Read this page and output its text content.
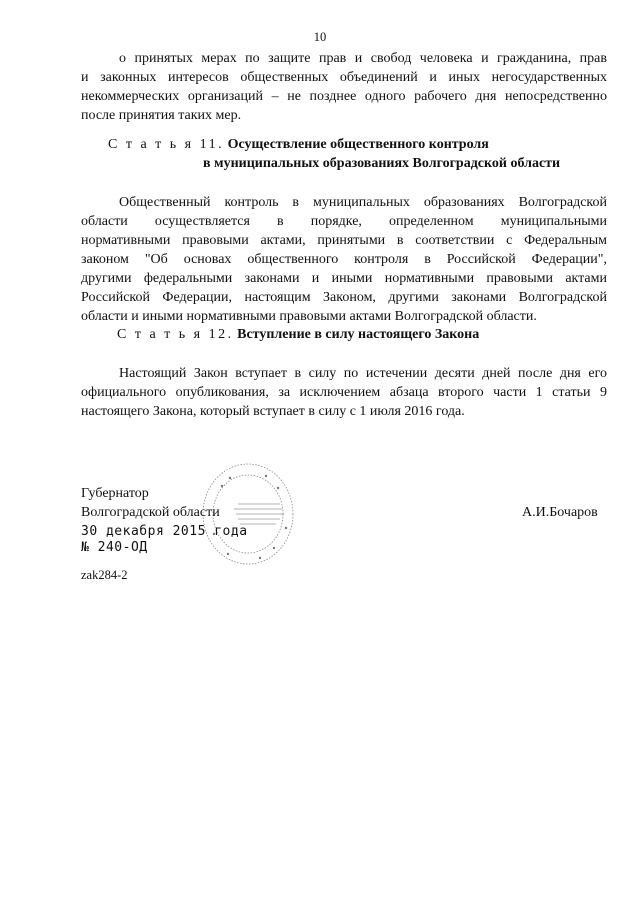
10
о принятых мерах по защите прав и свобод человека и гражданина, прав
и законных интересов общественных объединений и иных негосударственных
некоммерческих организаций – не позднее одного рабочего дня непосредственно
после принятия таких мер.
С т а т ь я 11. Осуществление общественного контроля
в муниципальных образованиях Волгоградской области
Общественный контроль в муниципальных образованиях Волгоградской
области осуществляется в порядке, определенном муниципальными
нормативными правовыми актами, принятыми в соответствии с Федеральным
законом "Об основах общественного контроля в Российской Федерации",
другими федеральными законами и иными нормативными правовыми актами
Российской Федерации, настоящим Законом, другими законами Волгоградской
области и иными нормативными правовыми актами Волгоградской области.
С т а т ь я 12. Вступление в силу настоящего Закона
Настоящий Закон вступает в силу по истечении десяти дней после дня его
официального опубликования, за исключением абзаца второго части 1 статьи 9
настоящего Закона, который вступает в силу с 1 июля 2016 года.
Губернатор
Волгоградской области	А.И.Бочаров
30 декабря 2015 года
№ 240-ОД
zak284-2
